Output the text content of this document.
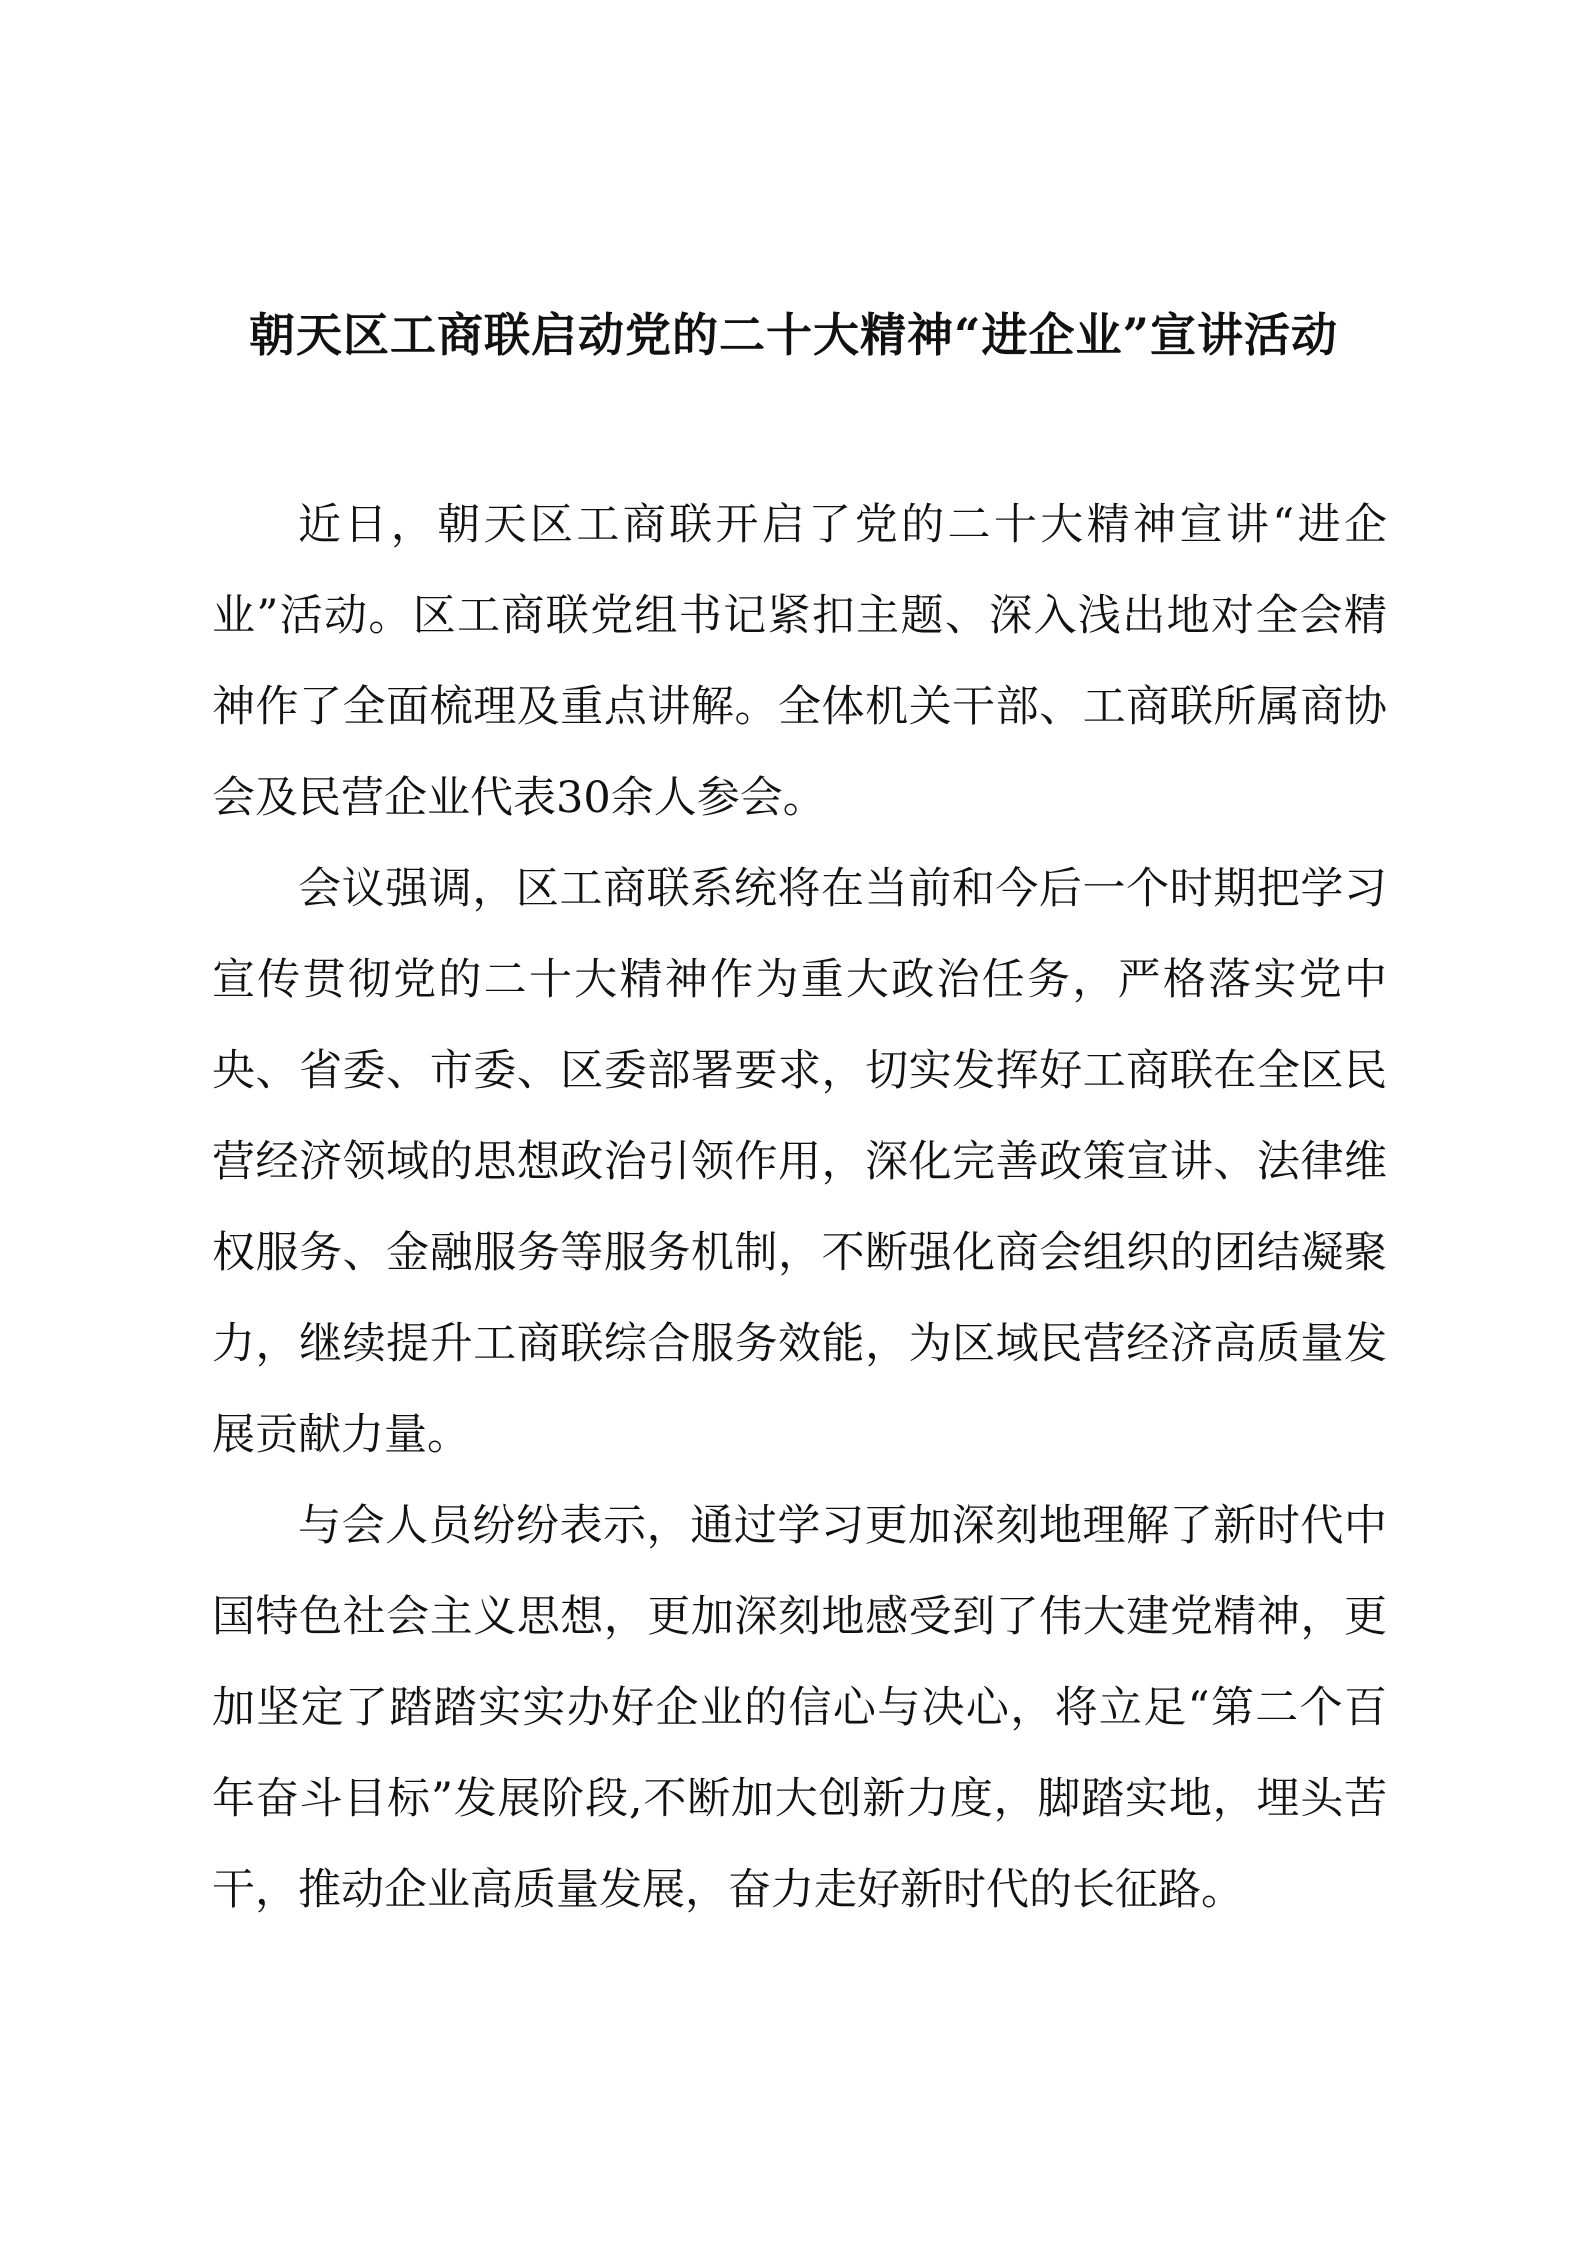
朝天区工商联启动党的二十大精神“进企业”宣讲活动

近日，朝天区工商联开启了党的二十大精神宣讲“进企业”活动。区工商联党组书记紧扣主题、深入浅出地对全会精神作了全面梳理及重点讲解。全体机关干部、工商联所属商协会及民营企业代表30余人参会。

会议强调，区工商联系统将在当前和今后一个时期把学习宣传贯彻党的二十大精神作为重大政治任务，严格落实党中央、省委、市委、区委部署要求，切实发挥好工商联在全区民营经济领域的思想政治引领作用，深化完善政策宣讲、法律维权服务、金融服务等服务机制，不断强化商会组织的团结凝聚力，继续提升工商联综合服务效能，为区域民营经济高质量发展贡献力量。

与会人员纷纷表示，通过学习更加深刻地理解了新时代中国特色社会主义思想，更加深刻地感受到了伟大建党精神，更加坚定了踏踏实实办好企业的信心与决心，将立足“第二个百年奋斗目标”发展阶段,不断加大创新力度，脚踏实地，埋头苦干，推动企业高质量发展，奋力走好新时代的长征路。
